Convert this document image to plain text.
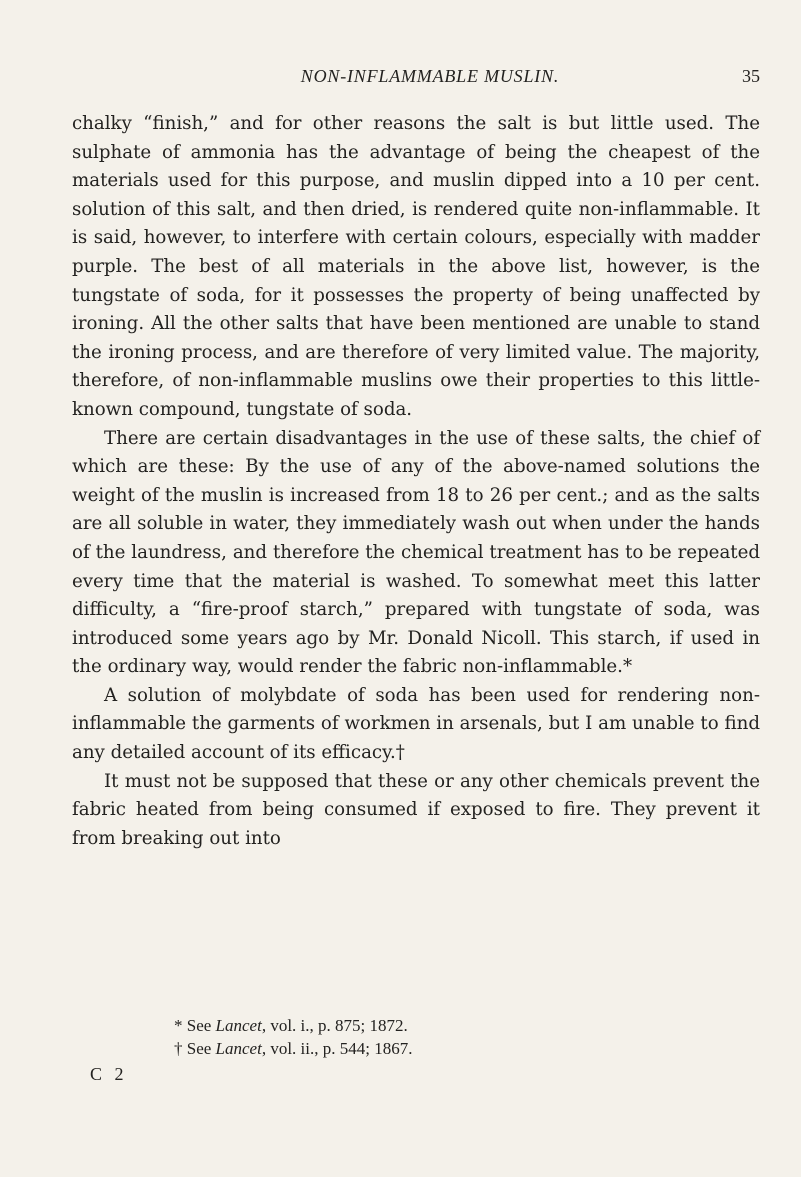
NON-INFLAMMABLE MUSLIN.	35

chalky “finish,” and for other reasons the salt is but little used. The sulphate of ammonia has the advantage of being the cheapest of the materials used for this purpose, and muslin dipped into a 10 per cent. solution of this salt, and then dried, is rendered quite non-inflammable. It is said, however, to interfere with certain colours, especially with madder purple. The best of all materials in the above list, however, is the tungstate of soda, for it possesses the property of being unaffected by ironing. All the other salts that have been mentioned are unable to stand the ironing process, and are therefore of very limited value. The majority, therefore, of non-inflammable muslins owe their properties to this little-known compound, tungstate of soda.

There are certain disadvantages in the use of these salts, the chief of which are these: By the use of any of the above-named solutions the weight of the muslin is increased from 18 to 26 per cent.; and as the salts are all soluble in water, they immediately wash out when under the hands of the laundress, and therefore the chemical treatment has to be repeated every time that the material is washed. To somewhat meet this latter difficulty, a “fire-proof starch,” prepared with tungstate of soda, was introduced some years ago by Mr. Donald Nicoll. This starch, if used in the ordinary way, would render the fabric non-inflammable.*

A solution of molybdate of soda has been used for rendering non-inflammable the garments of workmen in arsenals, but I am unable to find any detailed account of its efficacy.†

It must not be supposed that these or any other chemicals prevent the fabric heated from being consumed if exposed to fire. They prevent it from breaking out into

* See Lancet, vol. i., p. 875; 1872.
† See Lancet, vol. ii., p. 544; 1867.
C 2
